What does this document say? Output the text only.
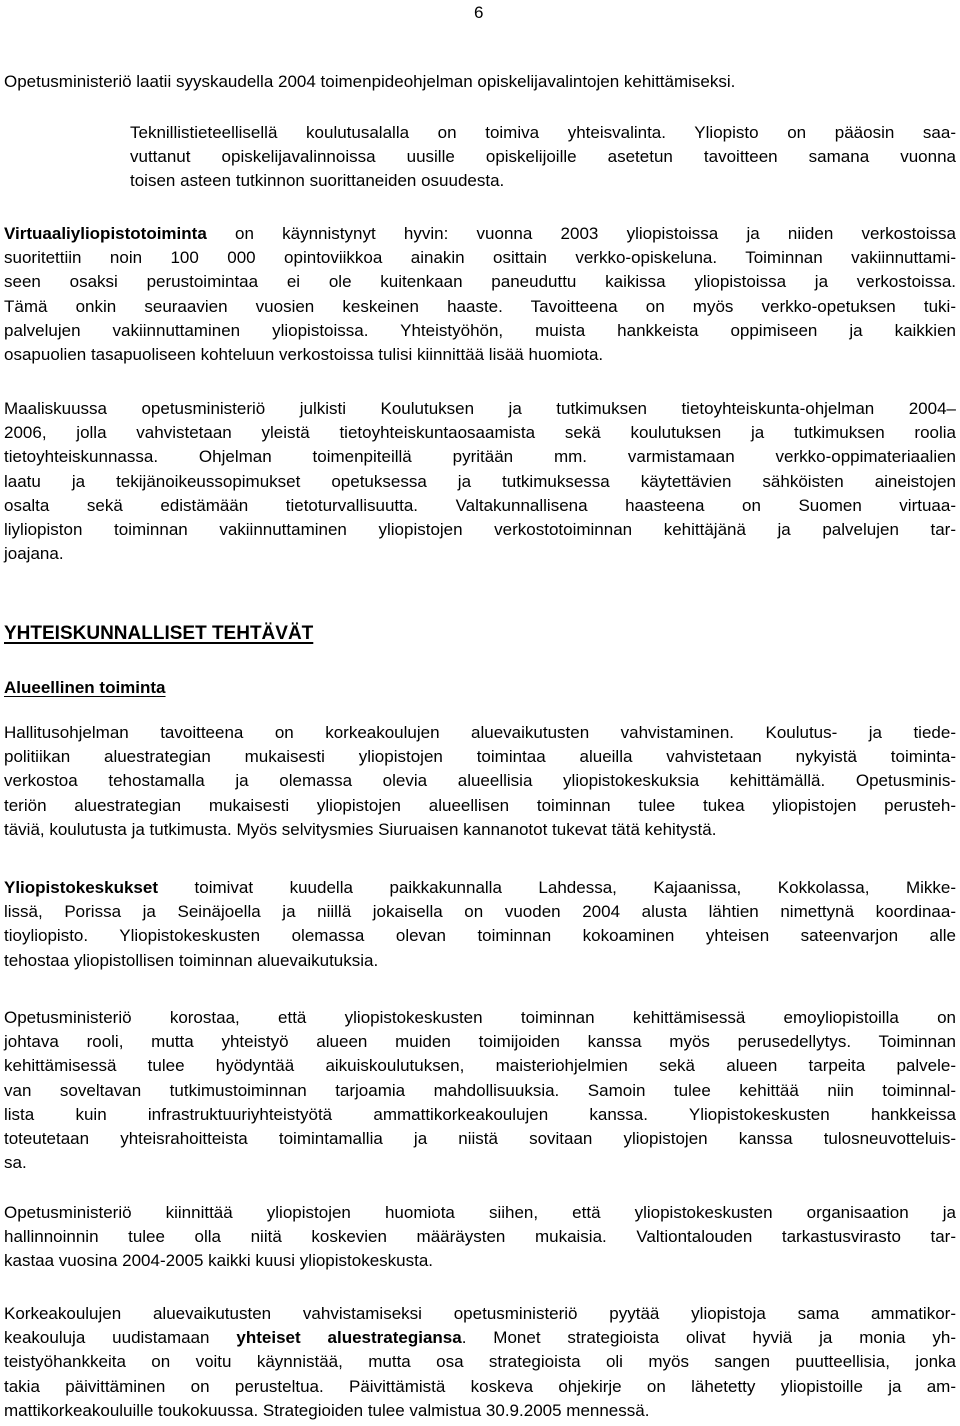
6
Opetusministeriö laatii syyskaudella 2004 toimenpideohjelman opiskelijavalintojen kehittämiseksi.
Teknillistieteellisellä koulutusalalla on toimiva yhteisvalinta. Yliopisto on pääosin saa-
vuttanut opiskelijavalinnoissa uusille opiskelijoille asetetun tavoitteen samana vuonna
toisen asteen tutkinnon suorittaneiden osuudesta.
Virtuaaliyliopistotoiminta on käynnistynyt hyvin: vuonna 2003 yliopistoissa ja niiden verkostoissa
suoritettiin noin 100 000 opintoviikkoa ainakin osittain verkko-opiskeluna. Toiminnan vakiinnuttami-
seen osaksi perustoimintaa ei ole kuitenkaan paneuduttu kaikissa yliopistoissa ja verkostoissa.
Tämä onkin seuraavien vuosien keskeinen haaste. Tavoitteena on myös verkko-opetuksen tuki-
palvelujen vakiinnuttaminen yliopistoissa. Yhteistyöhön, muista hankkeista oppimiseen ja kaikkien
osapuolien tasapuoliseen kohteluun verkostoissa tulisi kiinnittää lisää huomiota.
Maaliskuussa opetusministeriö julkisti Koulutuksen ja tutkimuksen tietoyhteiskunta-ohjelman 2004–
2006, jolla vahvistetaan yleistä tietoyhteiskuntaosaamista sekä koulutuksen ja tutkimuksen roolia
tietoyhteiskunnassa. Ohjelman toimenpiteillä pyritään mm. varmistamaan verkko-oppimateriaalien
laatu ja tekijänoikeussopimukset opetuksessa ja tutkimuksessa käytettävien sähköisten aineistojen
osalta sekä edistämään tietoturvallisuutta. Valtakunnallisena haasteena on Suomen virtuaa-
liyliopiston toiminnan vakiinnuttaminen yliopistojen verkostotoiminnan kehittäjänä ja palvelujen tar-
joajana.
YHTEISKUNNALLISET TEHTÄVÄT
Alueellinen toiminta
Hallitusohjelman tavoitteena on korkeakoulujen aluevaikutusten vahvistaminen. Koulutus- ja tiede-
politiikan aluestrategian mukaisesti yliopistojen toimintaa alueilla vahvistetaan nykyistä toiminta-
verkostoa tehostamalla ja olemassa olevia alueellisia yliopistokeskuksia kehittämällä. Opetusminis-
teriön aluestrategian mukaisesti yliopistojen alueellisen toiminnan tulee tukea yliopistojen perusteh-
täviä, koulutusta ja tutkimusta. Myös selvitysmies Siuruaisen kannanotot tukevat tätä kehitystä.
Yliopistokeskukset toimivat kuudella paikkakunnalla Lahdessa, Kajaanissa, Kokkolassa, Mikke-
lissä, Porissa ja Seinäjoella ja niillä jokaisella on vuoden 2004 alusta lähtien nimettynä koordinaa-
tioyliopisto. Yliopistokeskusten olemassa olevan toiminnan kokoaminen yhteisen sateenvarjon alle
tehostaa yliopistollisen toiminnan aluevaikutuksia.
Opetusministeriö korostaa, että yliopistokeskusten toiminnan kehittämisessä emoyliopistoilla on
johtava rooli, mutta yhteistyö alueen muiden toimijoiden kanssa myös perusedellytys. Toiminnan
kehittämisessä tulee hyödyntää aikuiskoulutuksen, maisteriohjelmien sekä alueen tarpeita palvele-
van soveltavan tutkimustoiminnan tarjoamia mahdollisuuksia. Samoin tulee kehittää niin toiminnal-
lista kuin infrastruktuuriyhteistyötä ammattikorkeakoulujen kanssa. Yliopistokeskusten hankkeissa
toteutetaan yhteisrahoitteista toimintamallia ja niistä sovitaan yliopistojen kanssa tulosneuvotteluis-
sa.
Opetusministeriö kiinnittää yliopistojen huomiota siihen, että yliopistokeskusten organisaation ja
hallinnoinnin tulee olla niitä koskevien määräysten mukaisia. Valtiontalouden tarkastusvirasto tar-
kastaa vuosina 2004-2005 kaikki kuusi yliopistokeskusta.
Korkeakoulujen aluevaikutusten vahvistamiseksi opetusministeriö pyytää yliopistoja sama ammatikor-
keakouluja uudistamaan yhteiset aluestrategiansa. Monet strategioista olivat hyviä ja monia yh-
teistyöhankkeita on voitu käynnistää, mutta osa strategioista oli myös sangen puutteellisia, jonka
takia päivittäminen on perusteltua. Päivittämistä koskeva ohjekirje on lähetetty yliopistoille ja am-
mattikorkeakouluille toukokuussa. Strategioiden tulee valmistua 30.9.2005 mennessä.
